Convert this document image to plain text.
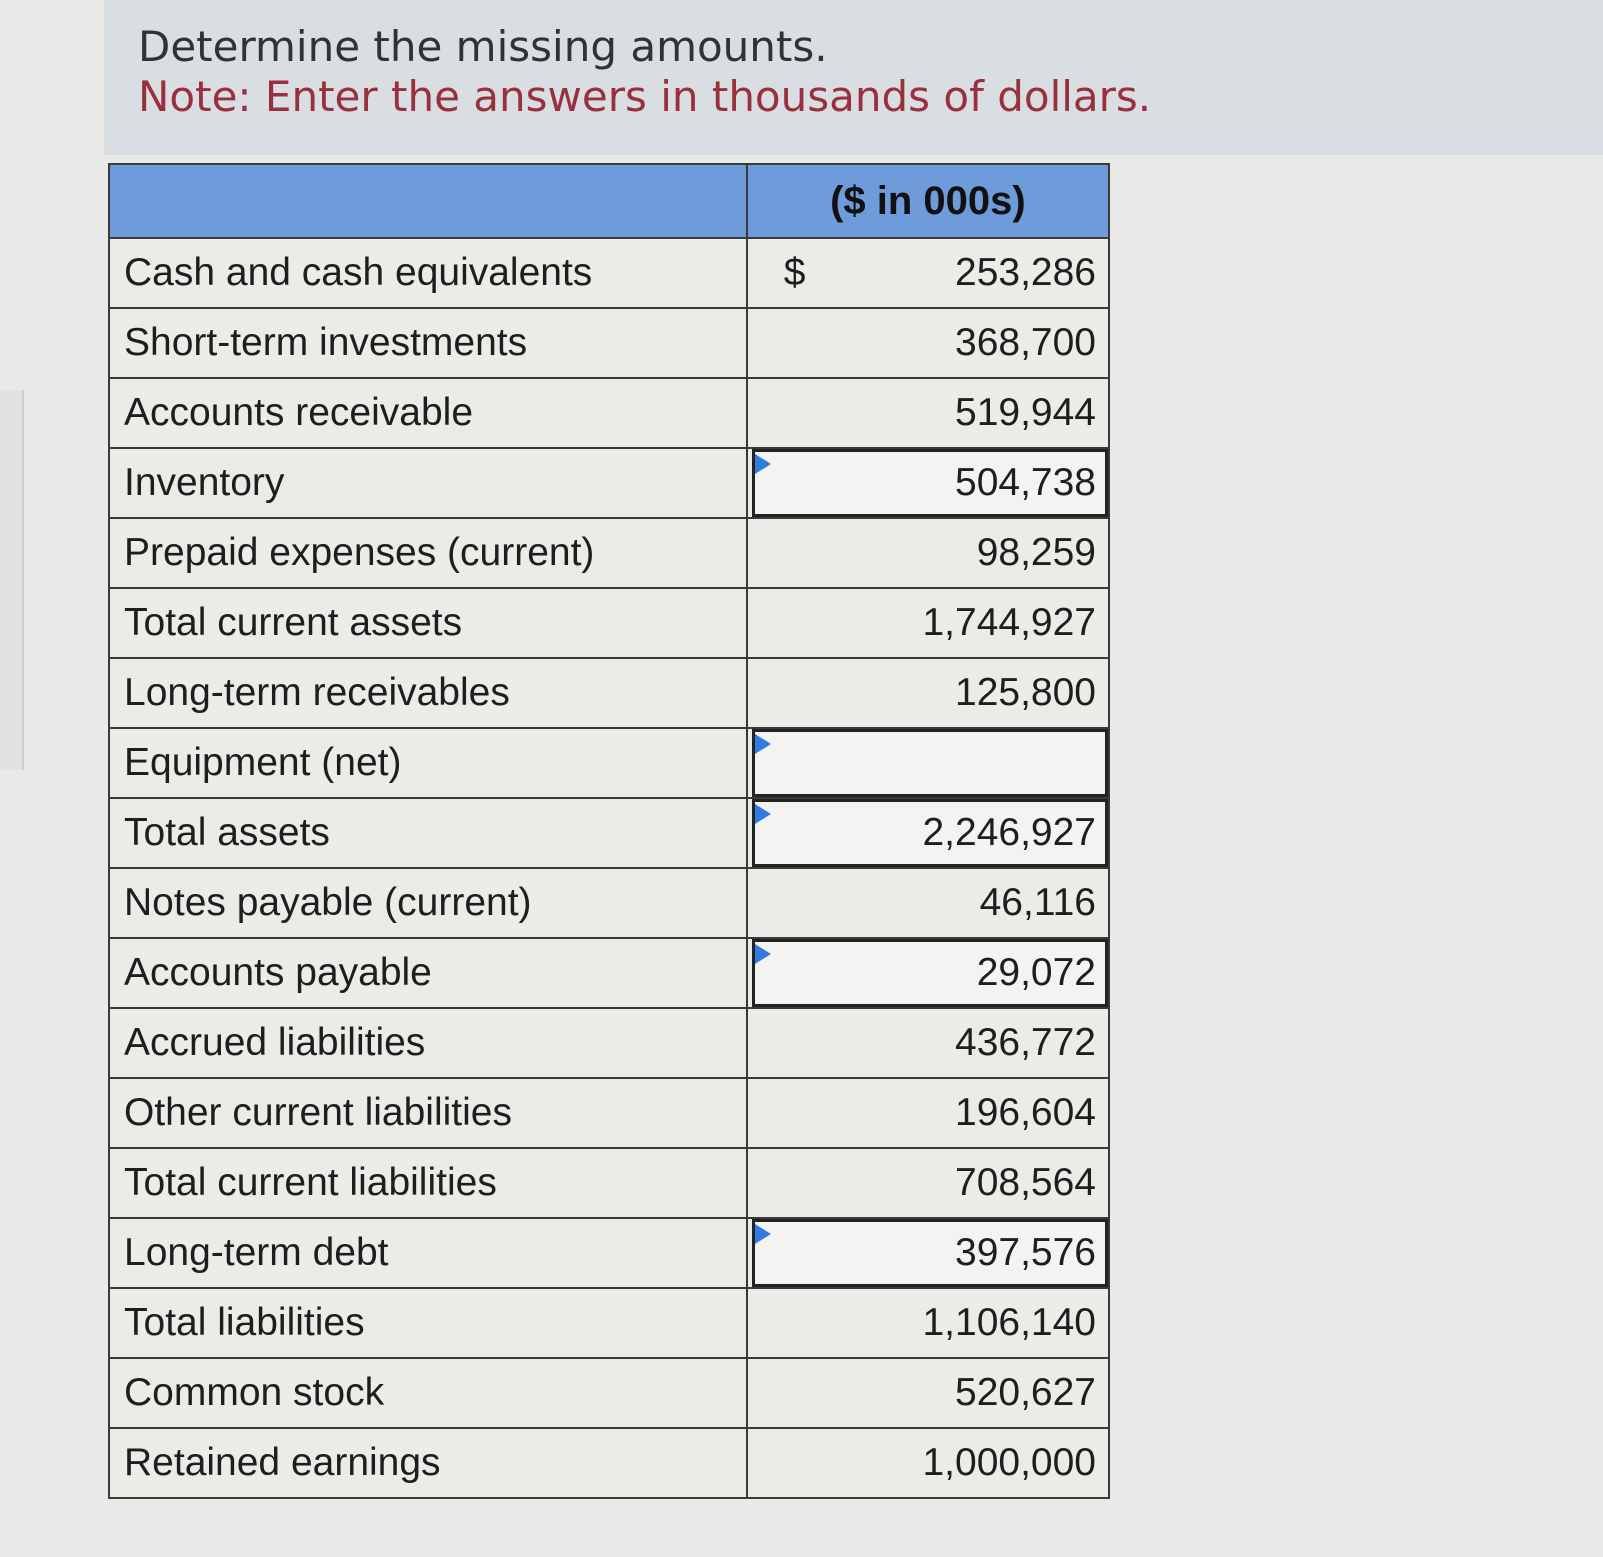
Determine the missing amounts.
Note: Enter the answers in thousands of dollars.
	($ in 000s)
Cash and cash equivalents	$ 253,286
Short-term investments	368,700
Accounts receivable	519,944
Inventory	504,738
Prepaid expenses (current)	98,259
Total current assets	1,744,927
Long-term receivables	125,800
Equipment (net)	

Total assets	2,246,927
Notes payable (current)	46,116
Accounts payable	29,072
Accrued liabilities	436,772
Other current liabilities	196,604
Total current liabilities	708,564
Long-term debt	397,576
Total liabilities	1,106,140
Common stock	520,627
Retained earnings	1,000,000
